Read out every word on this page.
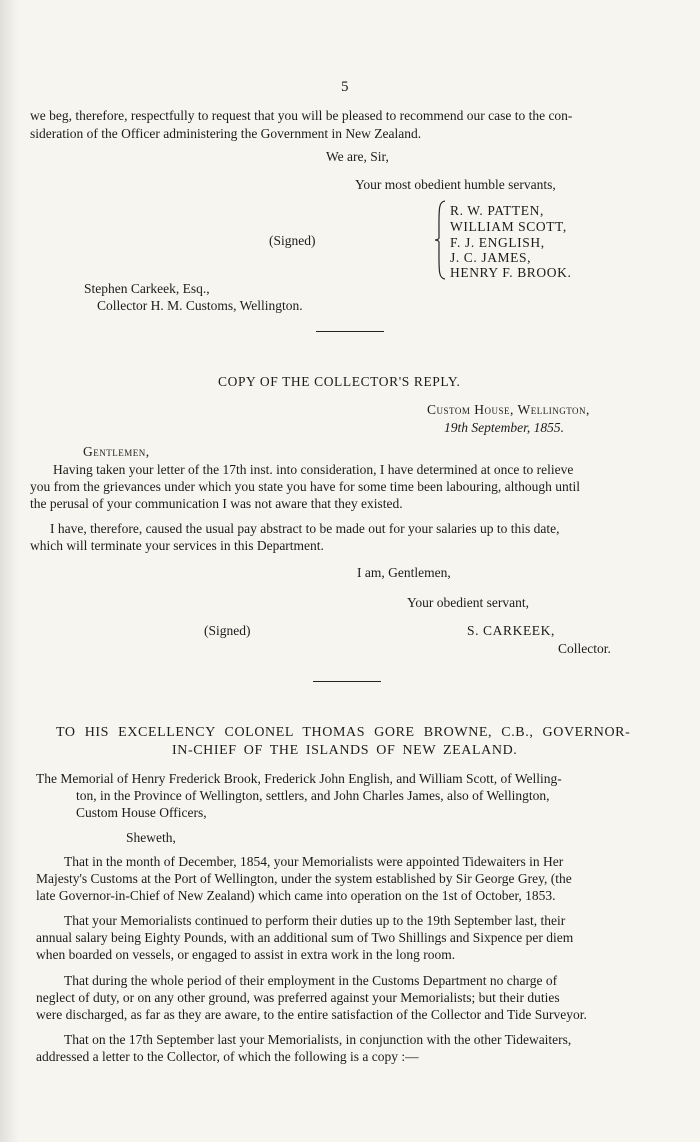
5
we beg, therefore, respectfully to request that you will be pleased to recommend our case to the con-
sideration of the Officer administering the Government in New Zealand.
We are, Sir,
Your most obedient humble servants,
(Signed)
R. W. PATTEN,
WILLIAM SCOTT,
F. J. ENGLISH,
J. C. JAMES,
HENRY F. BROOK.
Stephen Carkeek, Esq.,
Collector H. M. Customs, Wellington.
COPY OF THE COLLECTOR'S REPLY.
Custom House, Wellington,
19th September, 1855.
Gentlemen,
Having taken your letter of the 17th inst. into consideration, I have determined at once to relieve
you from the grievances under which you state you have for some time been labouring, although until
the perusal of your communication I was not aware that they existed.
I have, therefore, caused the usual pay abstract to be made out for your salaries up to this date,
which will terminate your services in this Department.
I am, Gentlemen,
Your obedient servant,
(Signed)	S. CARKEEK,
Collector.
TO HIS EXCELLENCY COLONEL THOMAS GORE BROWNE, C.B., GOVERNOR-
IN-CHIEF OF THE ISLANDS OF NEW ZEALAND.
The Memorial of Henry Frederick Brook, Frederick John English, and William Scott, of Welling-
ton, in the Province of Wellington, settlers, and John Charles James, also of Wellington,
Custom House Officers,
Sheweth,
That in the month of December, 1854, your Memorialists were appointed Tidewaiters in Her
Majesty's Customs at the Port of Wellington, under the system established by Sir George Grey, (the
late Governor-in-Chief of New Zealand) which came into operation on the 1st of October, 1853.
That your Memorialists continued to perform their duties up to the 19th September last, their
annual salary being Eighty Pounds, with an additional sum of Two Shillings and Sixpence per diem
when boarded on vessels, or engaged to assist in extra work in the long room.
That during the whole period of their employment in the Customs Department no charge of
neglect of duty, or on any other ground, was preferred against your Memorialists; but their duties
were discharged, as far as they are aware, to the entire satisfaction of the Collector and Tide Surveyor.
That on the 17th September last your Memorialists, in conjunction with the other Tidewaiters,
addressed a letter to the Collector, of which the following is a copy :—
